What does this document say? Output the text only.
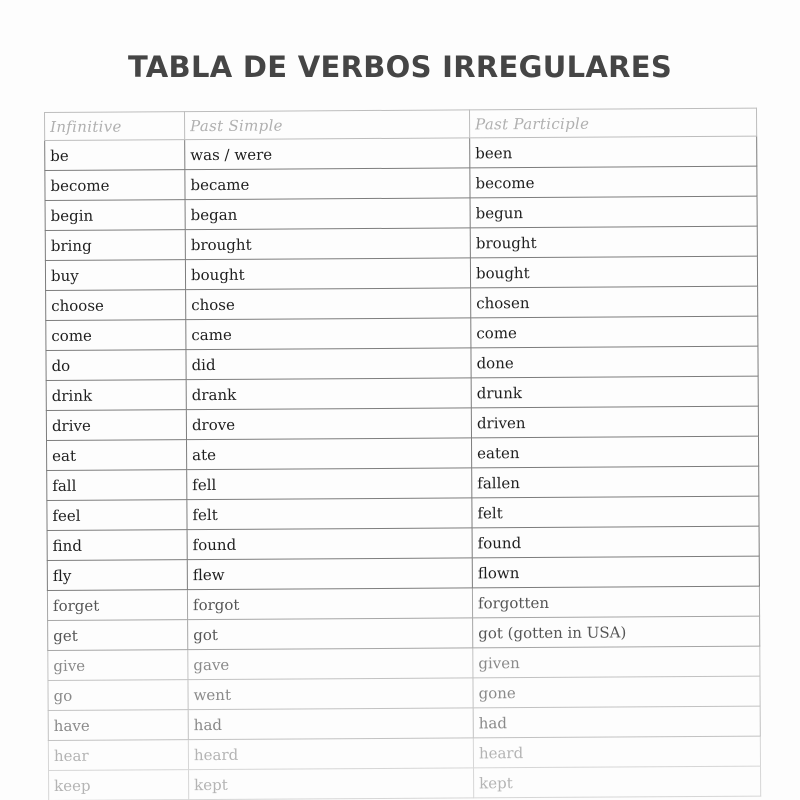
TABLA DE VERBOS IRREGULARES
Infinitive	Past Simple	Past Participle
be	was / were	been
become	became	become
begin	began	begun
bring	brought	brought
buy	bought	bought
choose	chose	chosen
come	came	come
do	did	done
drink	drank	drunk
drive	drove	driven
eat	ate	eaten
fall	fell	fallen
feel	felt	felt
find	found	found
fly	flew	flown
forget	forgot	forgotten
get	got	got (gotten in USA)
give	gave	given
go	went	gone
have	had	had
hear	heard	heard
keep	kept	kept
